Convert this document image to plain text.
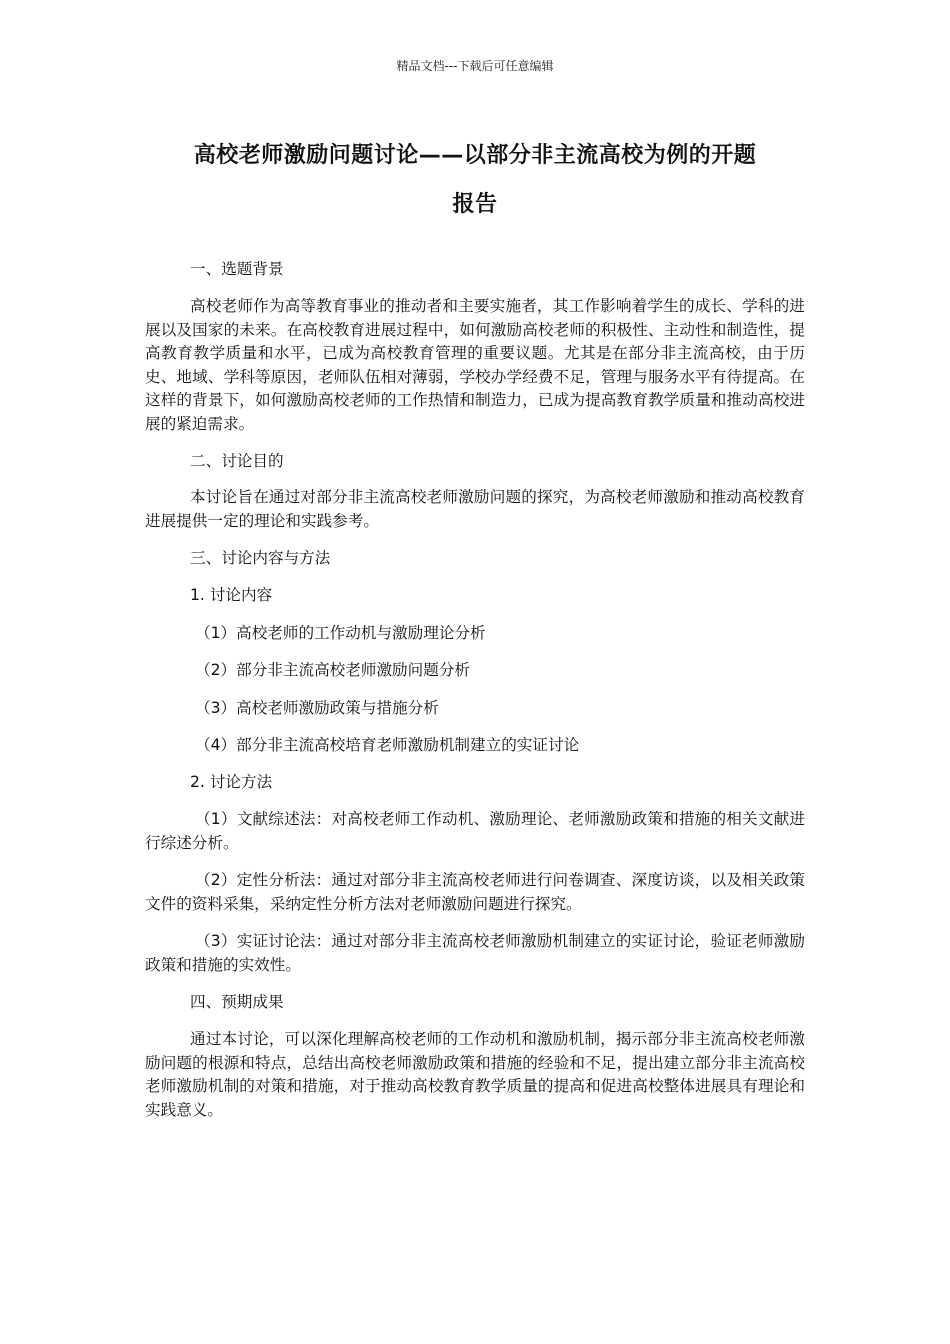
精品文档---下载后可任意编辑
高校老师激励问题讨论——以部分非主流高校为例的开题
报告

一、选题背景

高校老师作为高等教育事业的推动者和主要实施者，其工作影响着学生的成长、学科的进展以及国家的未来。在高校教育进展过程中，如何激励高校老师的积极性、主动性和制造性，提高教育教学质量和水平，已成为高校教育管理的重要议题。尤其是在部分非主流高校，由于历史、地域、学科等原因，老师队伍相对薄弱，学校办学经费不足，管理与服务水平有待提高。在这样的背景下，如何激励高校老师的工作热情和制造力，已成为提高教育教学质量和推动高校进展的紧迫需求。

二、讨论目的

本讨论旨在通过对部分非主流高校老师激励问题的探究，为高校老师激励和推动高校教育进展提供一定的理论和实践参考。

三、讨论内容与方法

1. 讨论内容

（1）高校老师的工作动机与激励理论分析

（2）部分非主流高校老师激励问题分析

（3）高校老师激励政策与措施分析

（4）部分非主流高校培育老师激励机制建立的实证讨论

2. 讨论方法

（1）文献综述法：对高校老师工作动机、激励理论、老师激励政策和措施的相关文献进行综述分析。

（2）定性分析法：通过对部分非主流高校老师进行问卷调查、深度访谈，以及相关政策文件的资料采集，采纳定性分析方法对老师激励问题进行探究。

（3）实证讨论法：通过对部分非主流高校老师激励机制建立的实证讨论，验证老师激励政策和措施的实效性。

四、预期成果

通过本讨论，可以深化理解高校老师的工作动机和激励机制，揭示部分非主流高校老师激励问题的根源和特点，总结出高校老师激励政策和措施的经验和不足，提出建立部分非主流高校老师激励机制的对策和措施，对于推动高校教育教学质量的提高和促进高校整体进展具有理论和实践意义。
